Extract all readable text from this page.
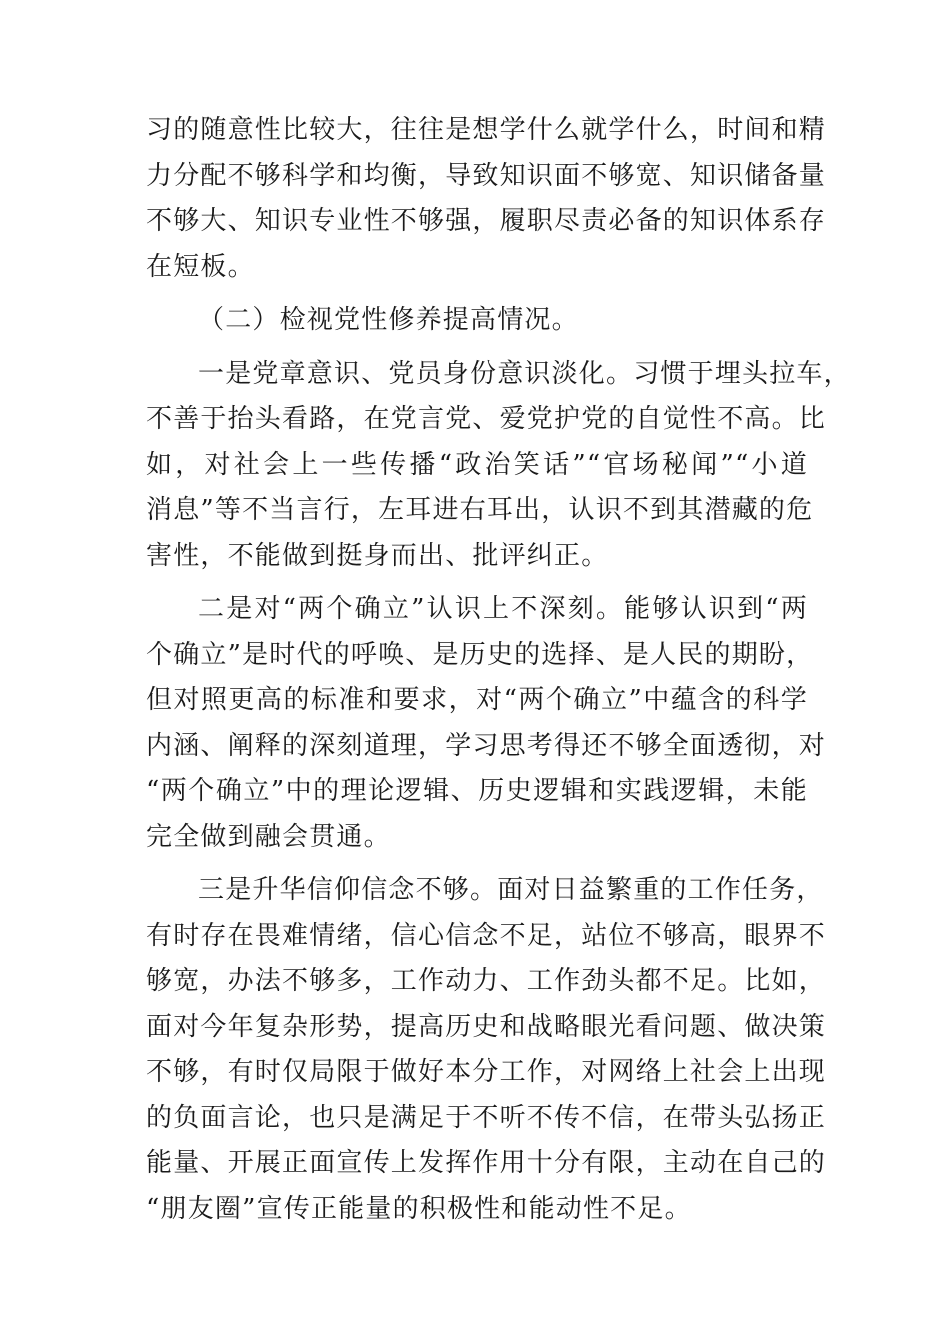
习的随意性比较大，往往是想学什么就学什么，时间和精
力分配不够科学和均衡，导致知识面不够宽、知识储备量
不够大、知识专业性不够强，履职尽责必备的知识体系存
在短板。
（二）检视党性修养提高情况。
一是党章意识、党员身份意识淡化。习惯于埋头拉车，
不善于抬头看路，在党言党、爱党护党的自觉性不高。比
如，对社会上一些传播“政治笑话”“官场秘闻”“小道
消息”等不当言行，左耳进右耳出，认识不到其潜藏的危
害性，不能做到挺身而出、批评纠正。
二是对“两个确立”认识上不深刻。能够认识到“两
个确立”是时代的呼唤、是历史的选择、是人民的期盼，
但对照更高的标准和要求，对“两个确立”中蕴含的科学
内涵、阐释的深刻道理，学习思考得还不够全面透彻，对
“两个确立”中的理论逻辑、历史逻辑和实践逻辑，未能
完全做到融会贯通。
三是升华信仰信念不够。面对日益繁重的工作任务，
有时存在畏难情绪，信心信念不足，站位不够高，眼界不
够宽，办法不够多，工作动力、工作劲头都不足。比如，
面对今年复杂形势，提高历史和战略眼光看问题、做决策
不够，有时仅局限于做好本分工作，对网络上社会上出现
的负面言论，也只是满足于不听不传不信，在带头弘扬正
能量、开展正面宣传上发挥作用十分有限，主动在自己的
“朋友圈”宣传正能量的积极性和能动性不足。
